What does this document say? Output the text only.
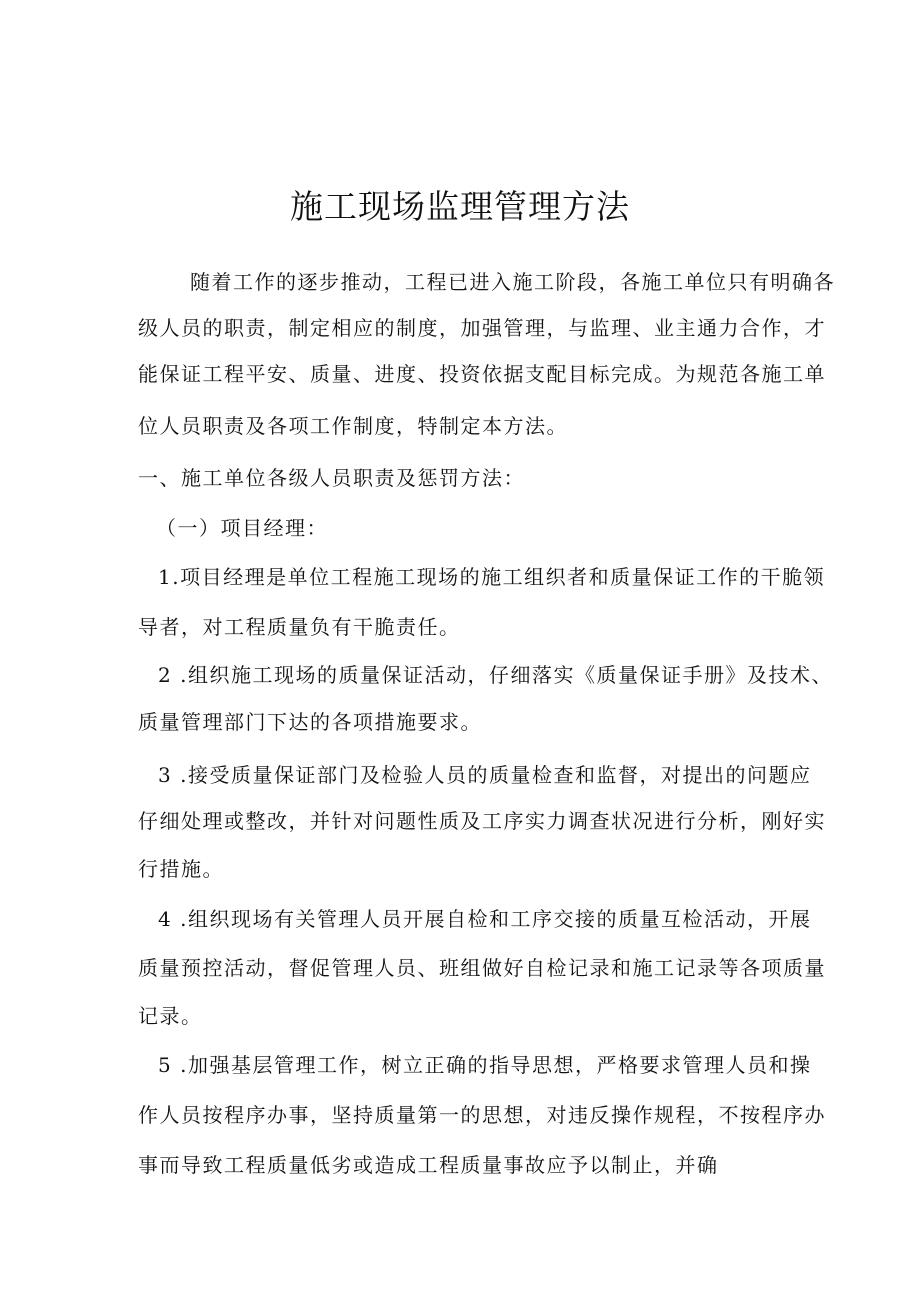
施工现场监理管理方法
随着工作的逐步推动，工程已进入施工阶段，各施工单位只有明确各
级人员的职责，制定相应的制度，加强管理，与监理、业主通力合作，才
能保证工程平安、质量、进度、投资依据支配目标完成。为规范各施工单
位人员职责及各项工作制度，特制定本方法。
一、施工单位各级人员职责及惩罚方法：
（一）项目经理：
1.项目经理是单位工程施工现场的施工组织者和质量保证工作的干脆领
导者，对工程质量负有干脆责任。
2 .组织施工现场的质量保证活动，仔细落实《质量保证手册》及技术、
质量管理部门下达的各项措施要求。
3 .接受质量保证部门及检验人员的质量检查和监督，对提出的问题应
仔细处理或整改，并针对问题性质及工序实力调查状况进行分析，刚好实
行措施。
4 .组织现场有关管理人员开展自检和工序交接的质量互检活动，开展
质量预控活动，督促管理人员、班组做好自检记录和施工记录等各项质量
记录。
5 .加强基层管理工作，树立正确的指导思想，严格要求管理人员和操
作人员按程序办事，坚持质量第一的思想，对违反操作规程，不按程序办
事而导致工程质量低劣或造成工程质量事故应予以制止，并确
